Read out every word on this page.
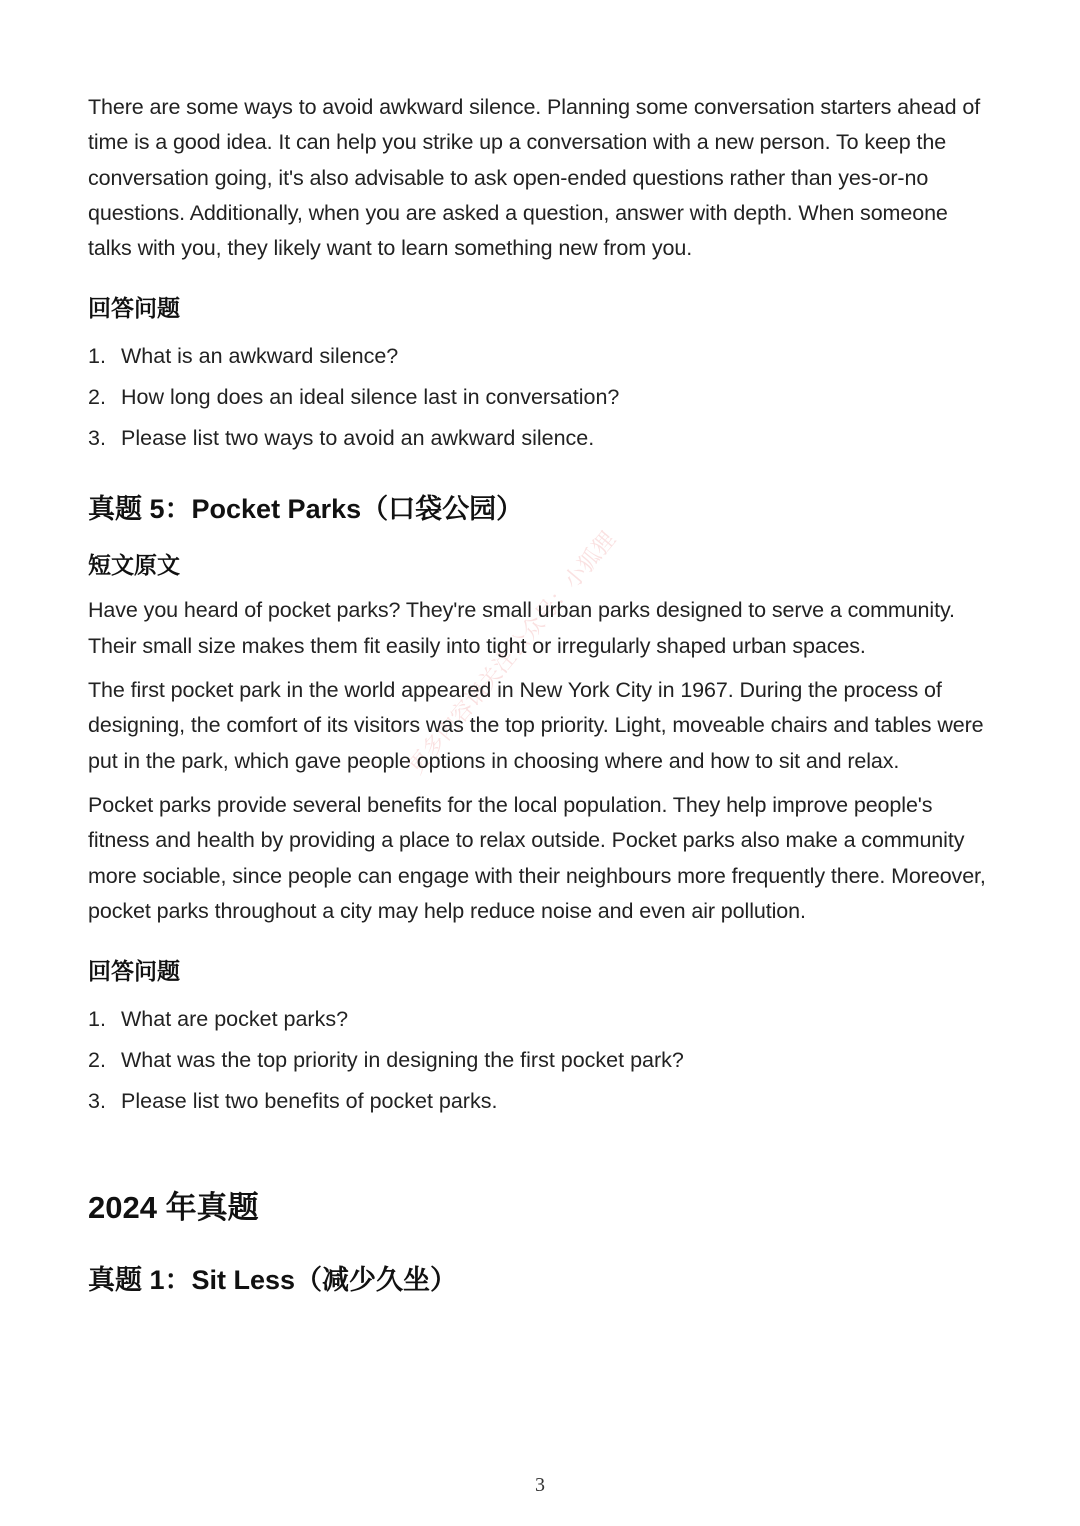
更多内容请关注公众号：小狐狸

There are some ways to avoid awkward silence. Planning some conversation starters ahead of time is a good idea. It can help you strike up a conversation with a new person. To keep the conversation going, it's also advisable to ask open-ended questions rather than yes-or-no questions. Additionally, when you are asked a question, answer with depth. When someone talks with you, they likely want to learn something new from you.

回答问题
1. What is an awkward silence?
2. How long does an ideal silence last in conversation?
3. Please list two ways to avoid an awkward silence.
真题 5：Pocket Parks（口袋公园）
短文原文

Have you heard of pocket parks? They're small urban parks designed to serve a community. Their small size makes them fit easily into tight or irregularly shaped urban spaces.

The first pocket park in the world appeared in New York City in 1967. During the process of designing, the comfort of its visitors was the top priority. Light, moveable chairs and tables were put in the park, which gave people options in choosing where and how to sit and relax.

Pocket parks provide several benefits for the local population. They help improve people's fitness and health by providing a place to relax outside. Pocket parks also make a community more sociable, since people can engage with their neighbours more frequently there. Moreover, pocket parks throughout a city may help reduce noise and even air pollution.

回答问题
1. What are pocket parks?
2. What was the top priority in designing the first pocket park?
3. Please list two benefits of pocket parks.
2024 年真题
真题 1：Sit Less（减少久坐）
3
